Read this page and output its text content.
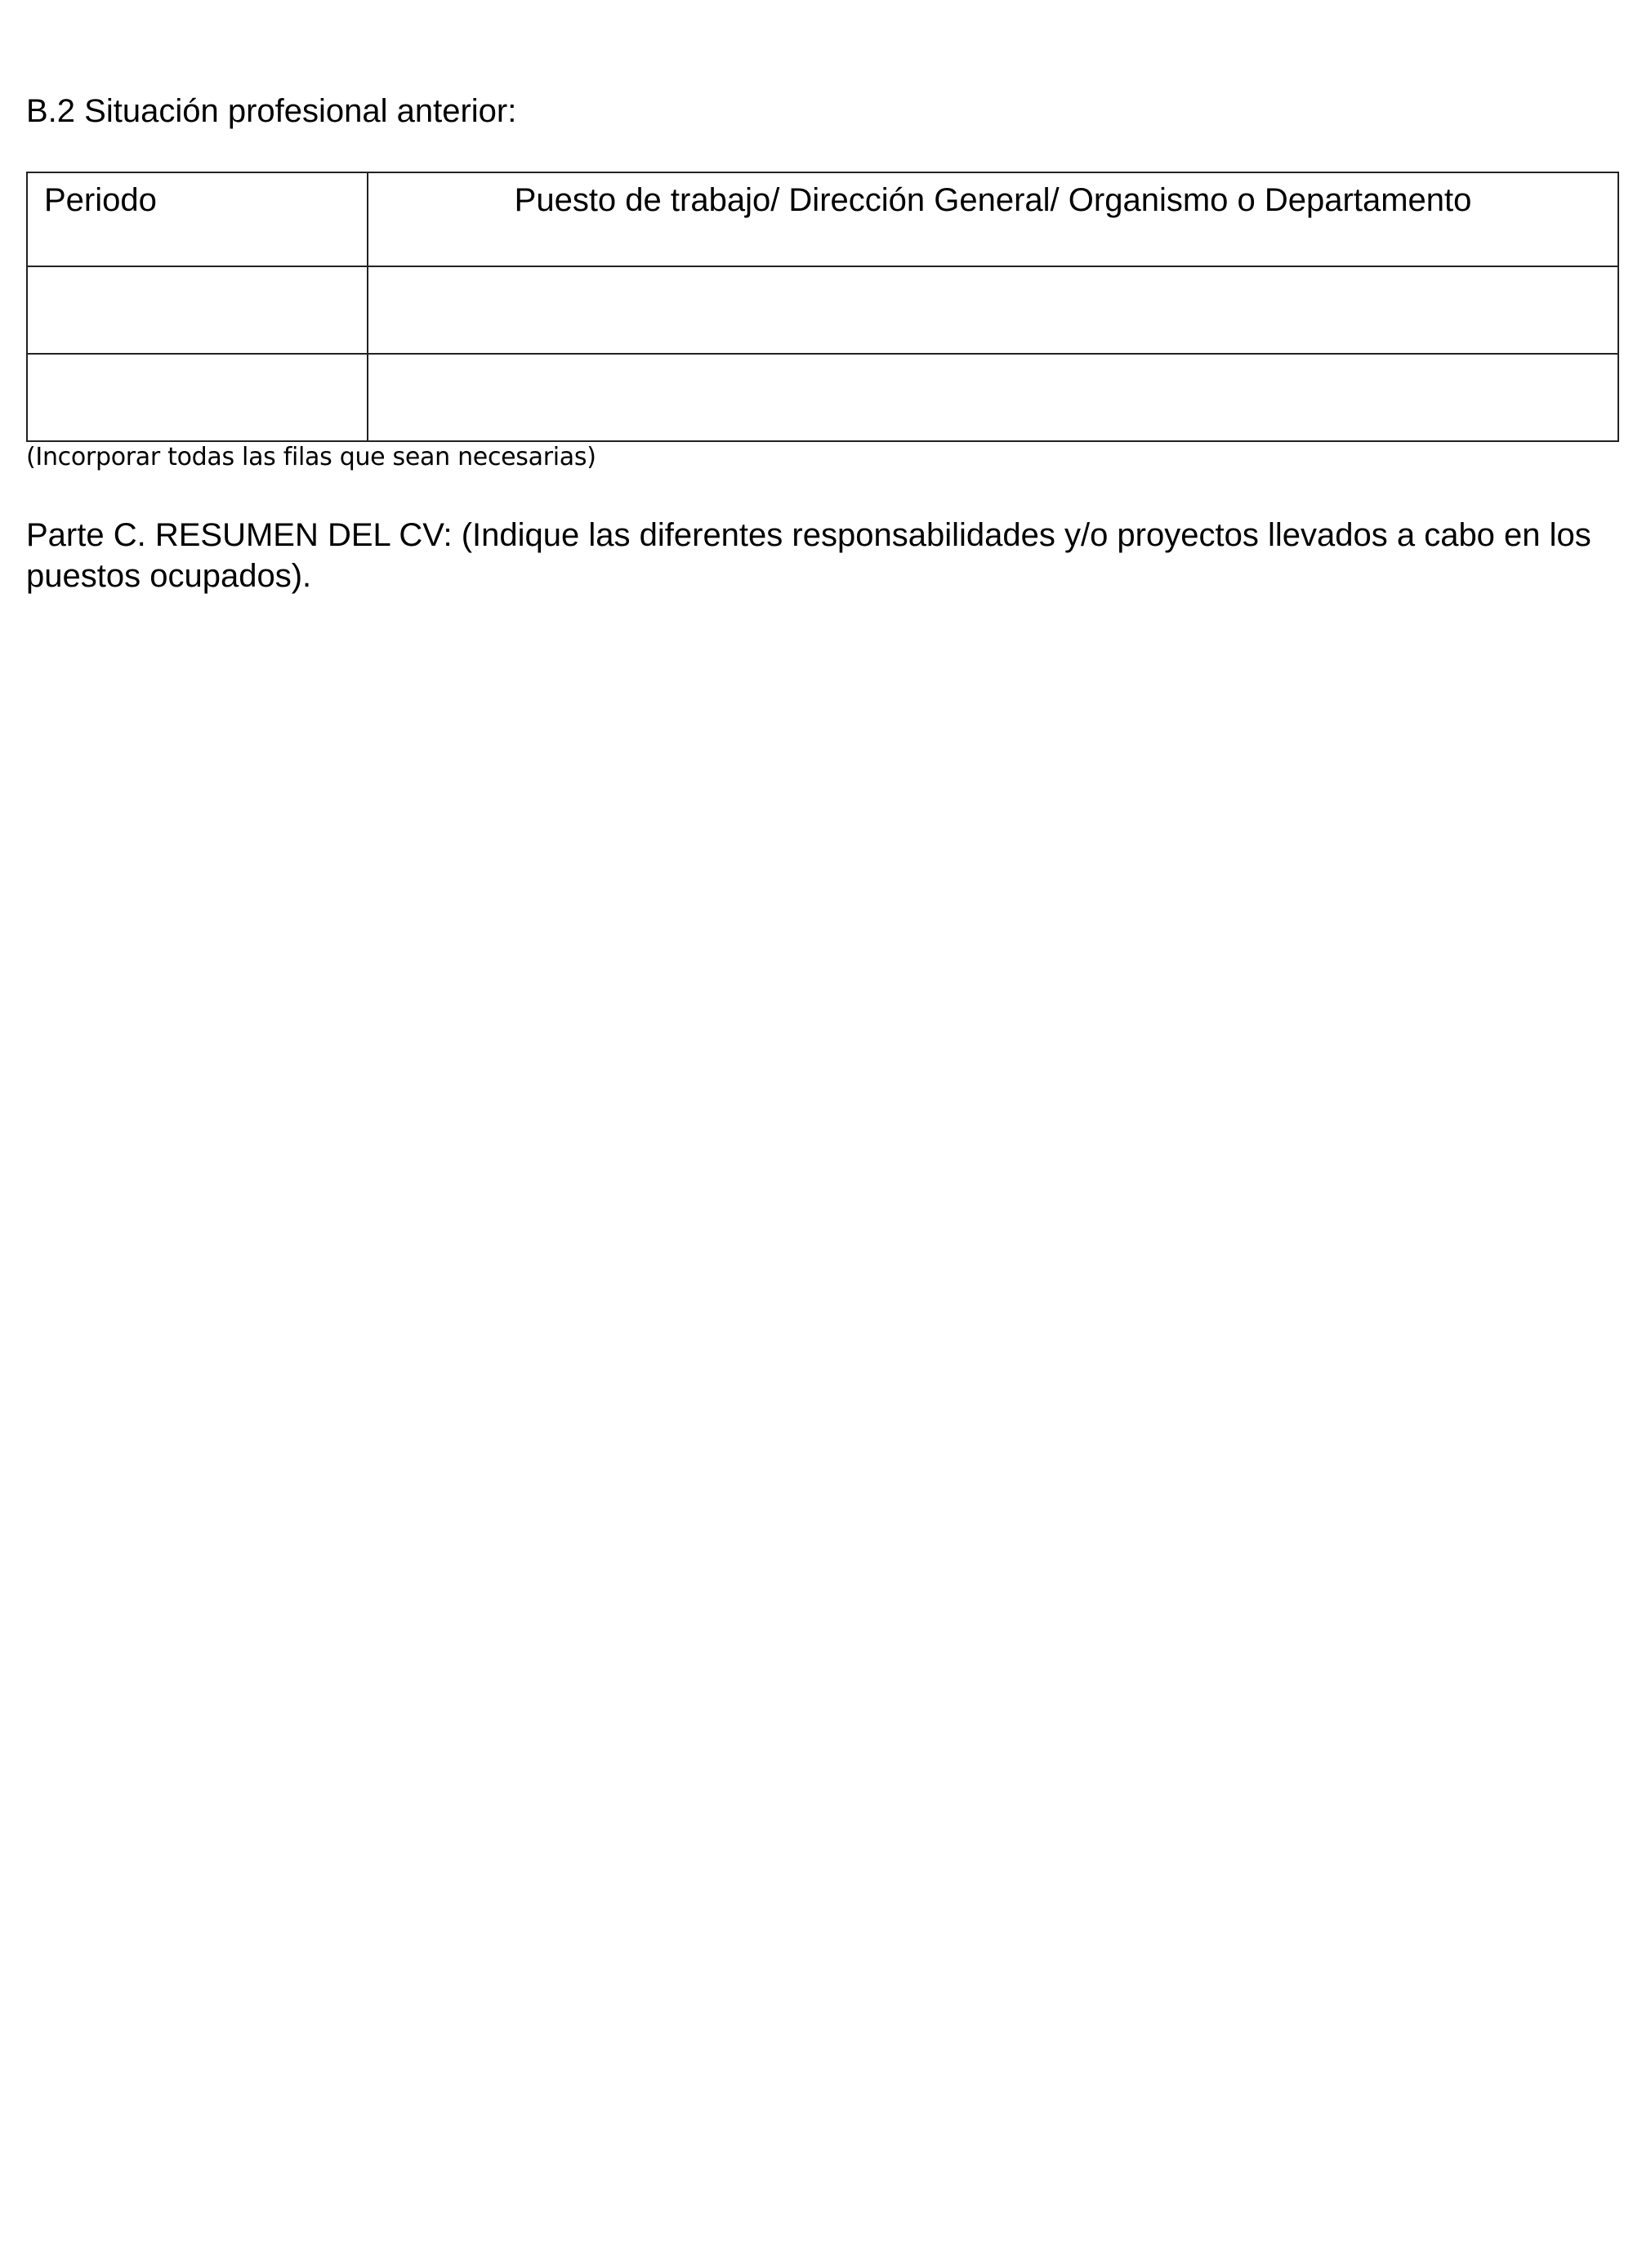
B.2 Situación profesional anterior:
Periodo	Puesto de trabajo/ Dirección General/ Organismo o Departamento

(Incorporar todas las filas que sean necesarias)
Parte C. RESUMEN DEL CV: (Indique las diferentes responsabilidades y/o proyectos llevados a cabo en los puestos ocupados).
